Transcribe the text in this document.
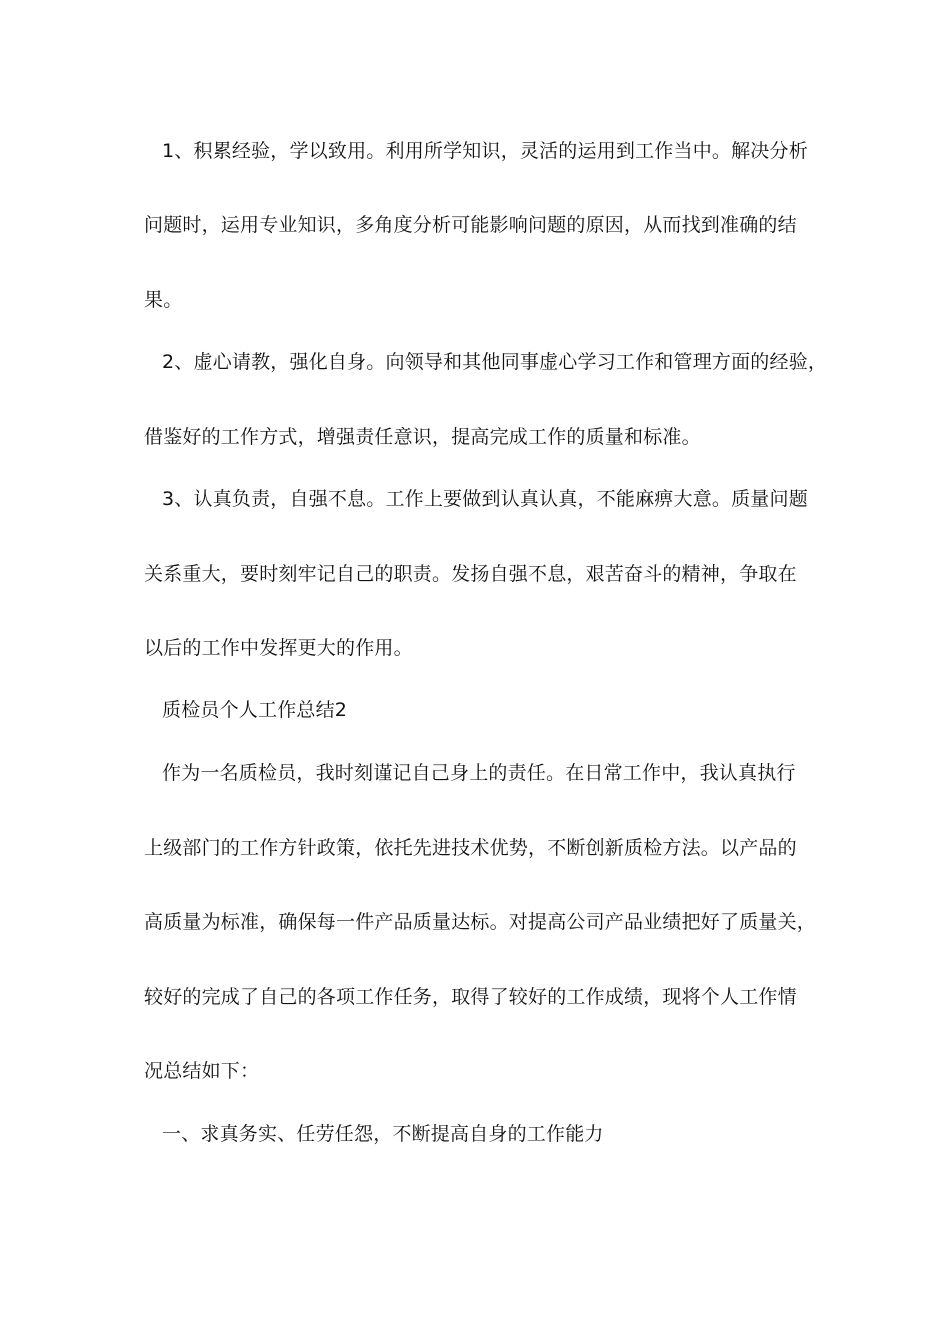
1、积累经验，学以致用。利用所学知识，灵活的运用到工作当中。解决分析
问题时，运用专业知识，多角度分析可能影响问题的原因，从而找到准确的结
果。
2、虚心请教，强化自身。向领导和其他同事虚心学习工作和管理方面的经验，
借鉴好的工作方式，增强责任意识，提高完成工作的质量和标准。
3、认真负责，自强不息。工作上要做到认真认真，不能麻痹大意。质量问题
关系重大，要时刻牢记自己的职责。发扬自强不息，艰苦奋斗的精神，争取在
以后的工作中发挥更大的作用。
质检员个人工作总结2
作为一名质检员，我时刻谨记自己身上的责任。在日常工作中，我认真执行
上级部门的工作方针政策，依托先进技术优势，不断创新质检方法。以产品的
高质量为标准，确保每一件产品质量达标。对提高公司产品业绩把好了质量关，
较好的完成了自己的各项工作任务，取得了较好的工作成绩，现将个人工作情
况总结如下：
一、求真务实、任劳任怨，不断提高自身的工作能力
